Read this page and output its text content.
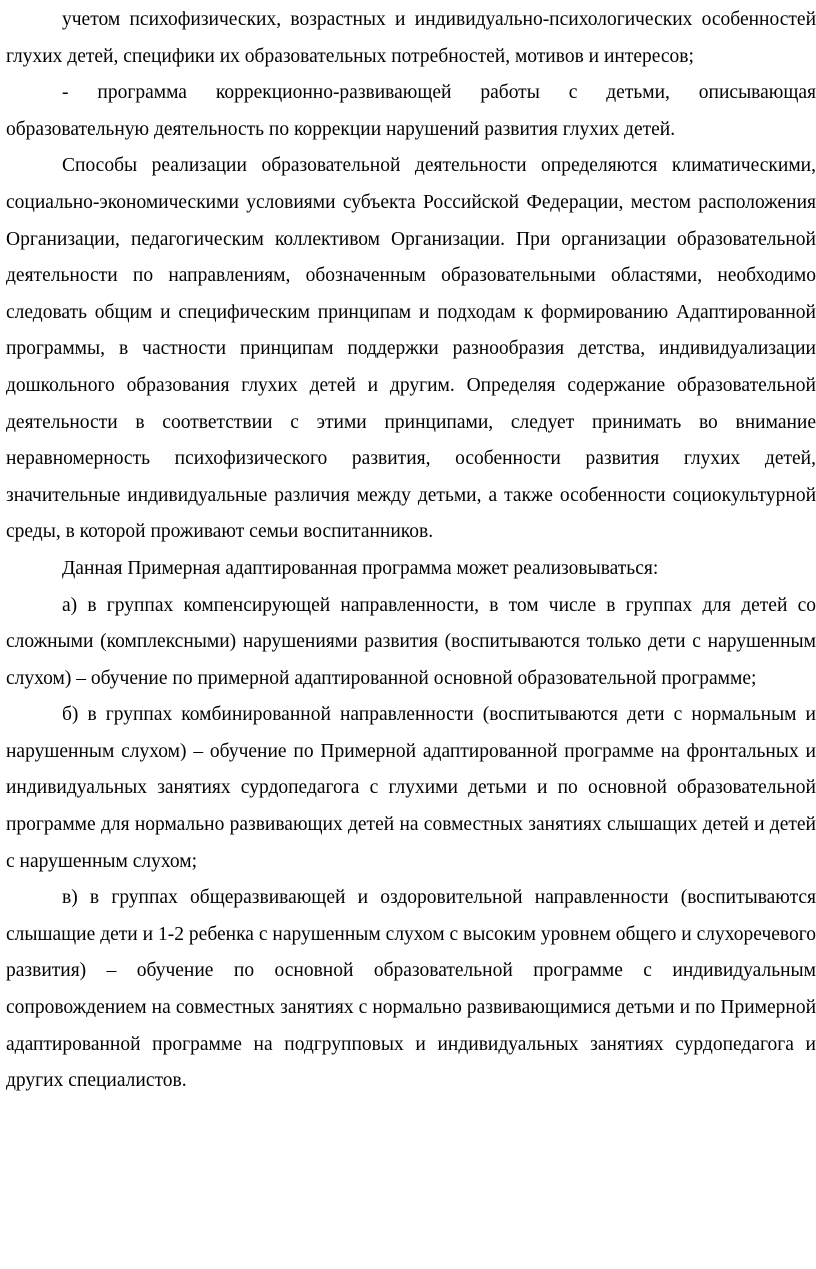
учетом психофизических, возрастных и индивидуально-психологических особенностей глухих детей, специфики их образовательных потребностей, мотивов и интересов;

- программа коррекционно-развивающей работы с детьми, описывающая образовательную деятельность по коррекции нарушений развития глухих детей.

Способы реализации образовательной деятельности определяются климатическими, социально-экономическими условиями субъекта Российской Федерации, местом расположения Организации, педагогическим коллективом Организации. При организации образовательной деятельности по направлениям, обозначенным образовательными областями, необходимо следовать общим и специфическим принципам и подходам к формированию Адаптированной программы, в частности принципам поддержки разнообразия детства, индивидуализации дошкольного образования глухих детей и другим. Определяя содержание образовательной деятельности в соответствии с этими принципами, следует принимать во внимание неравномерность психофизического развития, особенности развития глухих детей, значительные индивидуальные различия между детьми, а также особенности социокультурной среды, в которой проживают семьи воспитанников.

Данная Примерная адаптированная программа может реализовываться:

а) в группах компенсирующей направленности, в том числе в группах для детей со сложными (комплексными) нарушениями развития (воспитываются только дети с нарушенным слухом) – обучение по примерной адаптированной основной образовательной программе;

б) в группах комбинированной направленности (воспитываются дети с нормальным и нарушенным слухом) – обучение по Примерной адаптированной программе на фронтальных и индивидуальных занятиях сурдопедагога с глухими детьми и по основной образовательной программе для нормально развивающих детей на совместных занятиях слышащих детей и детей с нарушенным слухом;

в) в группах общеразвивающей и оздоровительной направленности (воспитываются слышащие дети и 1-2 ребенка с нарушенным слухом с высоким уровнем общего и слухоречевого развития) – обучение по основной образовательной программе с индивидуальным сопровождением на совместных занятиях с нормально развивающимися детьми и по Примерной адаптированной программе на подгрупповых и индивидуальных занятиях сурдопедагога и других специалистов.
